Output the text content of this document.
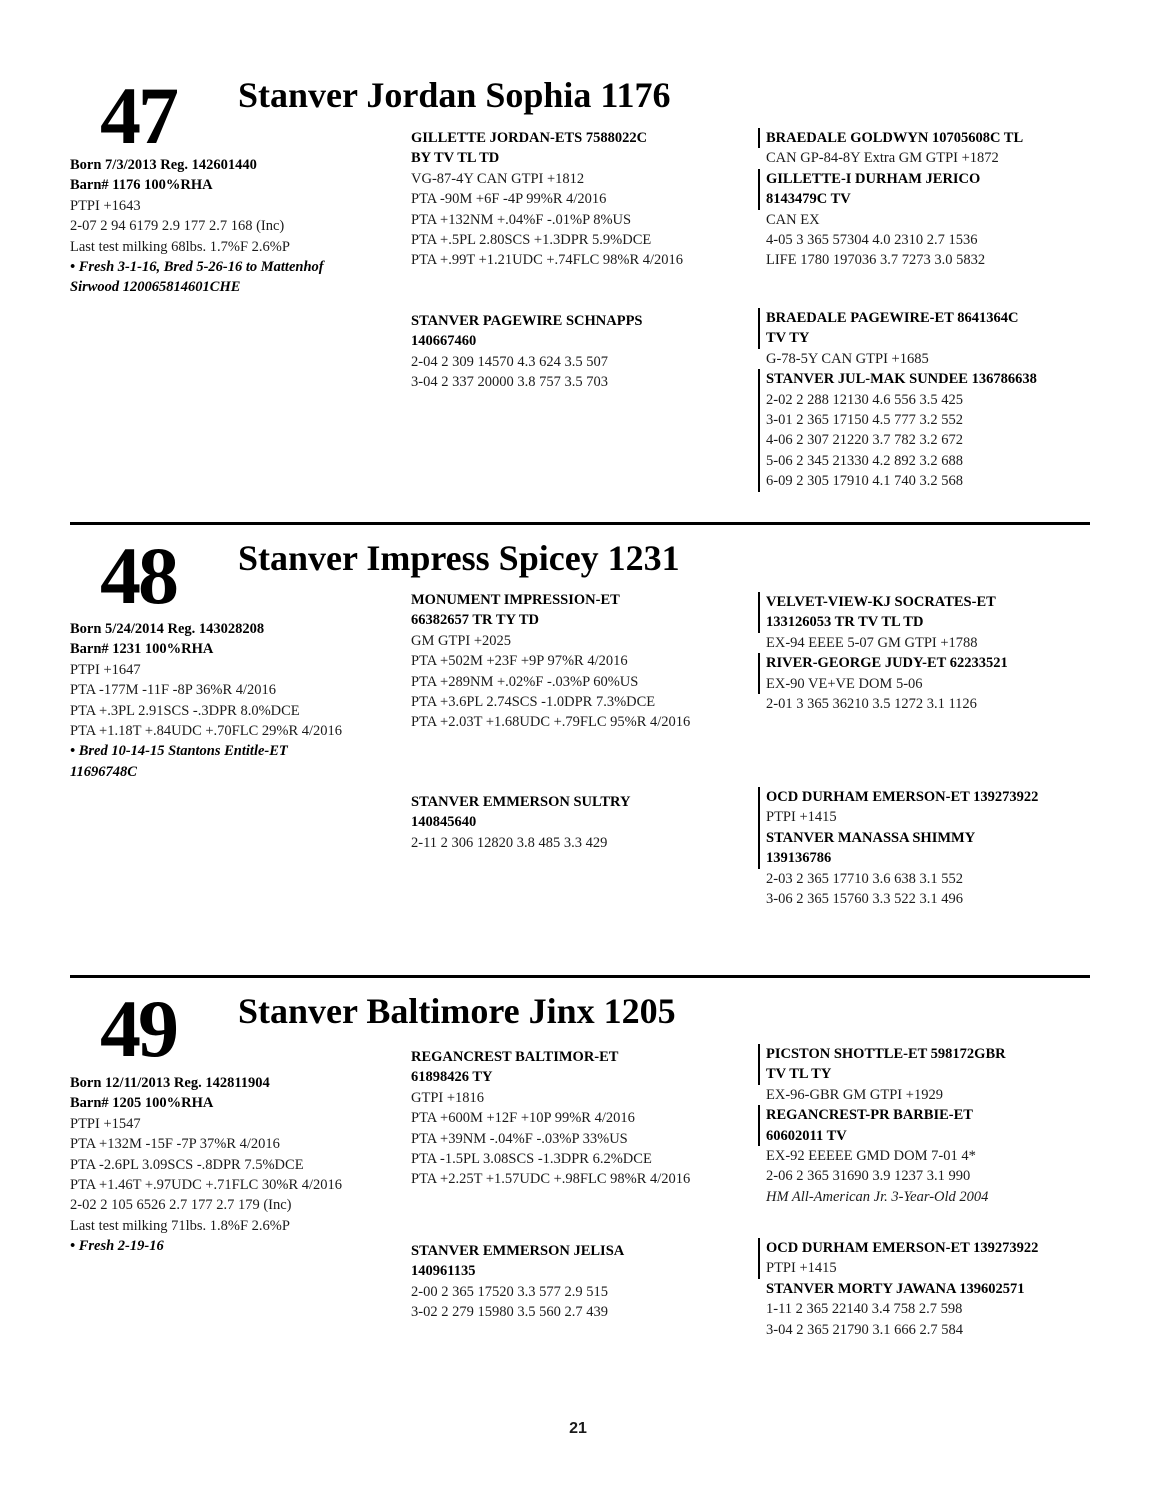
47 Stanver Jordan Sophia 1176
Born 7/3/2013 Reg. 142601440
Barn# 1176 100%RHA
PTPI +1643
2-07 2 94 6179 2.9 177 2.7 168 (Inc)
Last test milking 68lbs. 1.7%F 2.6%P
• Fresh 3-1-16, Bred 5-26-16 to Mattenhof
Sirwood 120065814601CHE
GILLETTE JORDAN-ETS 7588022C
BY TV TL TD
VG-87-4Y CAN GTPI +1812
PTA -90M +6F -4P 99%R 4/2016
PTA +132NM +.04%F -.01%P 8%US
PTA +.5PL 2.80SCS +1.3DPR 5.9%DCE
PTA +.99T +1.21UDC +.74FLC 98%R 4/2016
BRAEDALE GOLDWYN 10705608C TL
CAN GP-84-8Y Extra GM GTPI +1872
GILLETTE-I DURHAM JERICO
8143479C TV
CAN EX
4-05 3 365 57304 4.0 2310 2.7 1536
LIFE 1780 197036 3.7 7273 3.0 5832
STANVER PAGEWIRE SCHNAPPS
140667460
2-04 2 309 14570 4.3 624 3.5 507
3-04 2 337 20000 3.8 757 3.5 703
BRAEDALE PAGEWIRE-ET 8641364C
TV TY
G-78-5Y CAN GTPI +1685
STANVER JUL-MAK SUNDEE 136786638
2-02 2 288 12130 4.6 556 3.5 425
3-01 2 365 17150 4.5 777 3.2 552
4-06 2 307 21220 3.7 782 3.2 672
5-06 2 345 21330 4.2 892 3.2 688
6-09 2 305 17910 4.1 740 3.2 568
48 Stanver Impress Spicey 1231
Born 5/24/2014 Reg. 143028208
Barn# 1231 100%RHA
PTPI +1647
PTA -177M -11F -8P 36%R 4/2016
PTA +.3PL 2.91SCS -.3DPR 8.0%DCE
PTA +1.18T +.84UDC +.70FLC 29%R 4/2016
• Bred 10-14-15 Stantons Entitle-ET
11696748C
MONUMENT IMPRESSION-ET
66382657 TR TY TD
GM GTPI +2025
PTA +502M +23F +9P 97%R 4/2016
PTA +289NM +.02%F -.03%P 60%US
PTA +3.6PL 2.74SCS -1.0DPR 7.3%DCE
PTA +2.03T +1.68UDC +.79FLC 95%R 4/2016
VELVET-VIEW-KJ SOCRATES-ET
133126053 TR TV TL TD
EX-94 EEEE 5-07 GM GTPI +1788
RIVER-GEORGE JUDY-ET 62233521
EX-90 VE+VE DOM 5-06
2-01 3 365 36210 3.5 1272 3.1 1126
STANVER EMMERSON SULTRY
140845640
2-11 2 306 12820 3.8 485 3.3 429
OCD DURHAM EMERSON-ET 139273922
PTPI +1415
STANVER MANASSA SHIMMY
139136786
2-03 2 365 17710 3.6 638 3.1 552
3-06 2 365 15760 3.3 522 3.1 496
49 Stanver Baltimore Jinx 1205
Born 12/11/2013 Reg. 142811904
Barn# 1205 100%RHA
PTPI +1547
PTA +132M -15F -7P 37%R 4/2016
PTA -2.6PL 3.09SCS -.8DPR 7.5%DCE
PTA +1.46T +.97UDC +.71FLC 30%R 4/2016
2-02 2 105 6526 2.7 177 2.7 179 (Inc)
Last test milking 71lbs. 1.8%F 2.6%P
• Fresh 2-19-16
REGANCREST BALTIMOR-ET
61898426 TY
GTPI +1816
PTA +600M +12F +10P 99%R 4/2016
PTA +39NM -.04%F -.03%P 33%US
PTA -1.5PL 3.08SCS -1.3DPR 6.2%DCE
PTA +2.25T +1.57UDC +.98FLC 98%R 4/2016
PICSTON SHOTTLE-ET 598172GBR
TV TL TY
EX-96-GBR GM GTPI +1929
REGANCREST-PR BARBIE-ET
60602011 TV
EX-92 EEEEE GMD DOM 7-01 4*
2-06 2 365 31690 3.9 1237 3.1 990
HM All-American Jr. 3-Year-Old 2004
STANVER EMMERSON JELISA
140961135
2-00 2 365 17520 3.3 577 2.9 515
3-02 2 279 15980 3.5 560 2.7 439
OCD DURHAM EMERSON-ET 139273922
PTPI +1415
STANVER MORTY JAWANA 139602571
1-11 2 365 22140 3.4 758 2.7 598
3-04 2 365 21790 3.1 666 2.7 584
21
